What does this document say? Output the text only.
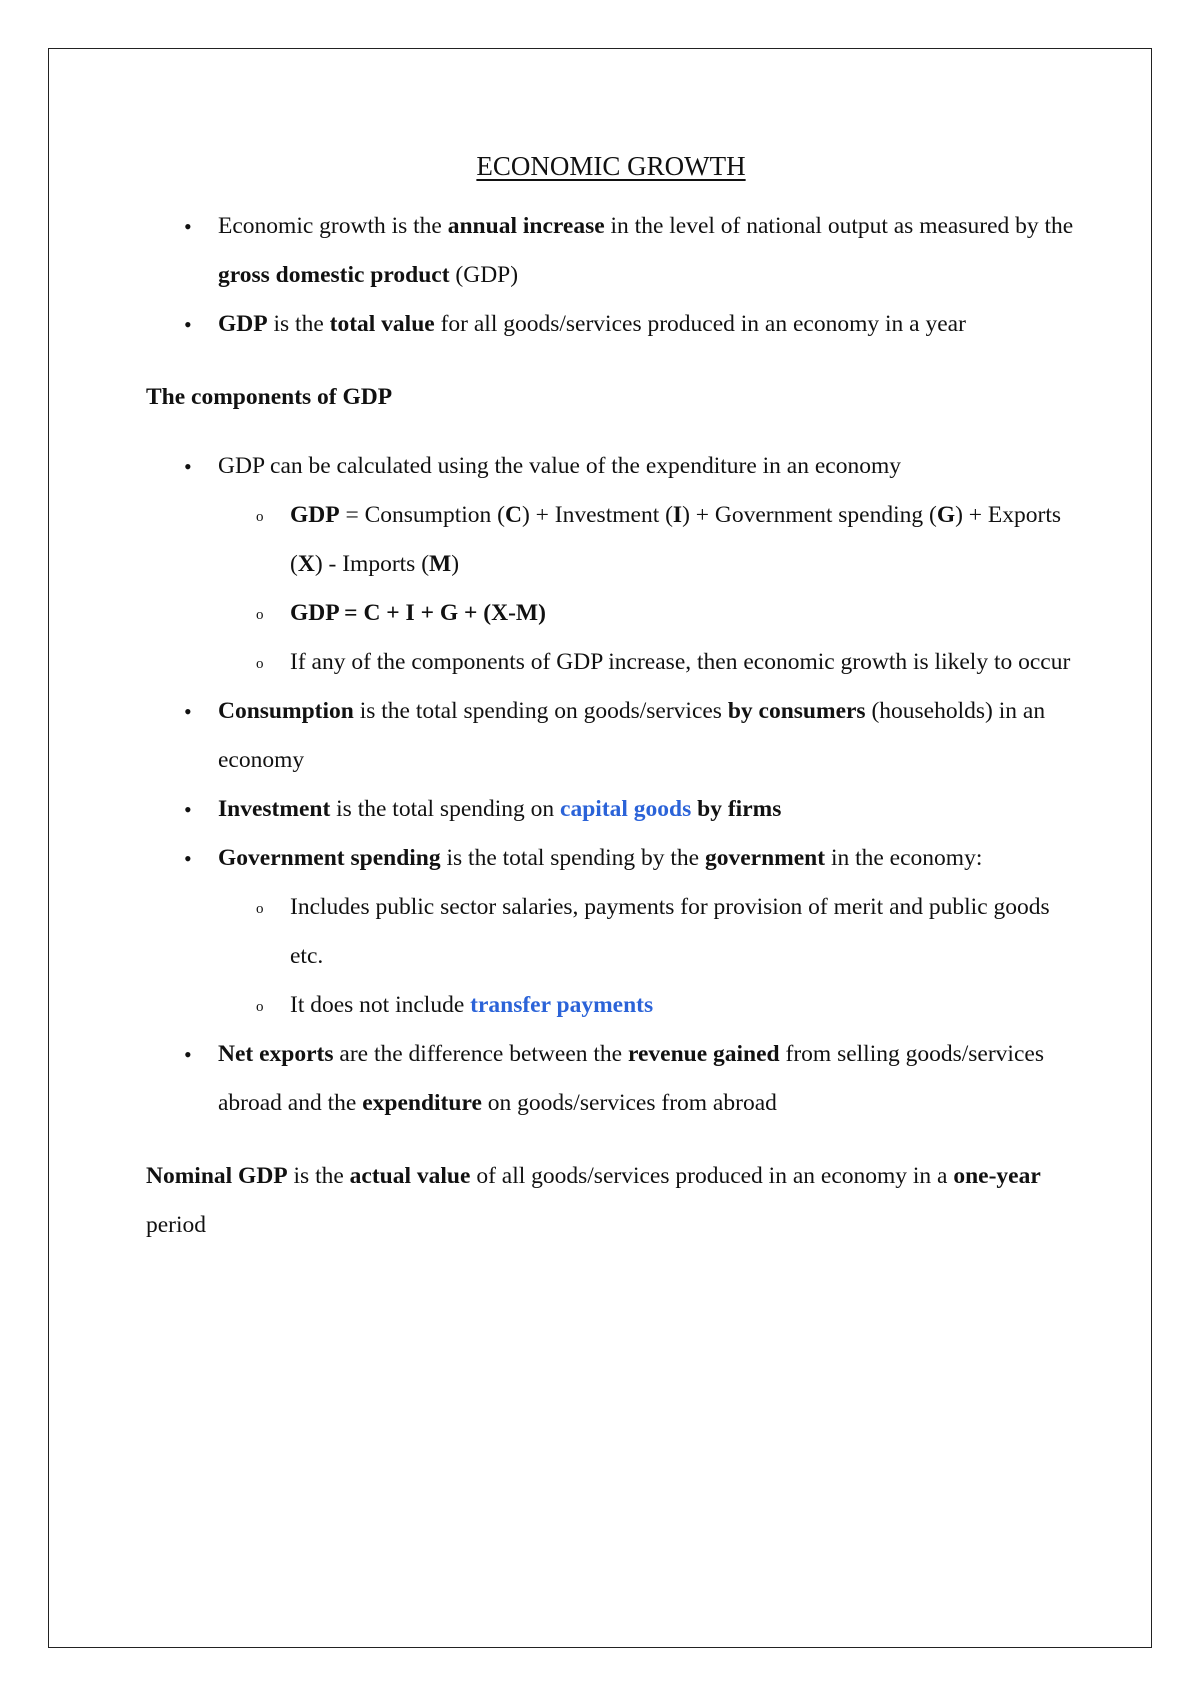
ECONOMIC GROWTH
• Economic growth is the annual increase in the level of national output as measured by the gross domestic product (GDP)
• GDP is the total value for all goods/services produced in an economy in a year

The components of GDP

• GDP can be calculated using the value of the expenditure in an economy
o GDP = Consumption (C) + Investment (I) + Government spending (G) + Exports (X) - Imports (M)
o GDP = C + I + G + (X-M)
o If any of the components of GDP increase, then economic growth is likely to occur
• Consumption is the total spending on goods/services by consumers (households) in an economy
• Investment is the total spending on capital goods by firms
• Government spending is the total spending by the government in the economy:
o Includes public sector salaries, payments for provision of merit and public goods etc.
o It does not include transfer payments
• Net exports are the difference between the revenue gained from selling goods/services abroad and the expenditure on goods/services from abroad

Nominal GDP is the actual value of all goods/services produced in an economy in a one-year period
